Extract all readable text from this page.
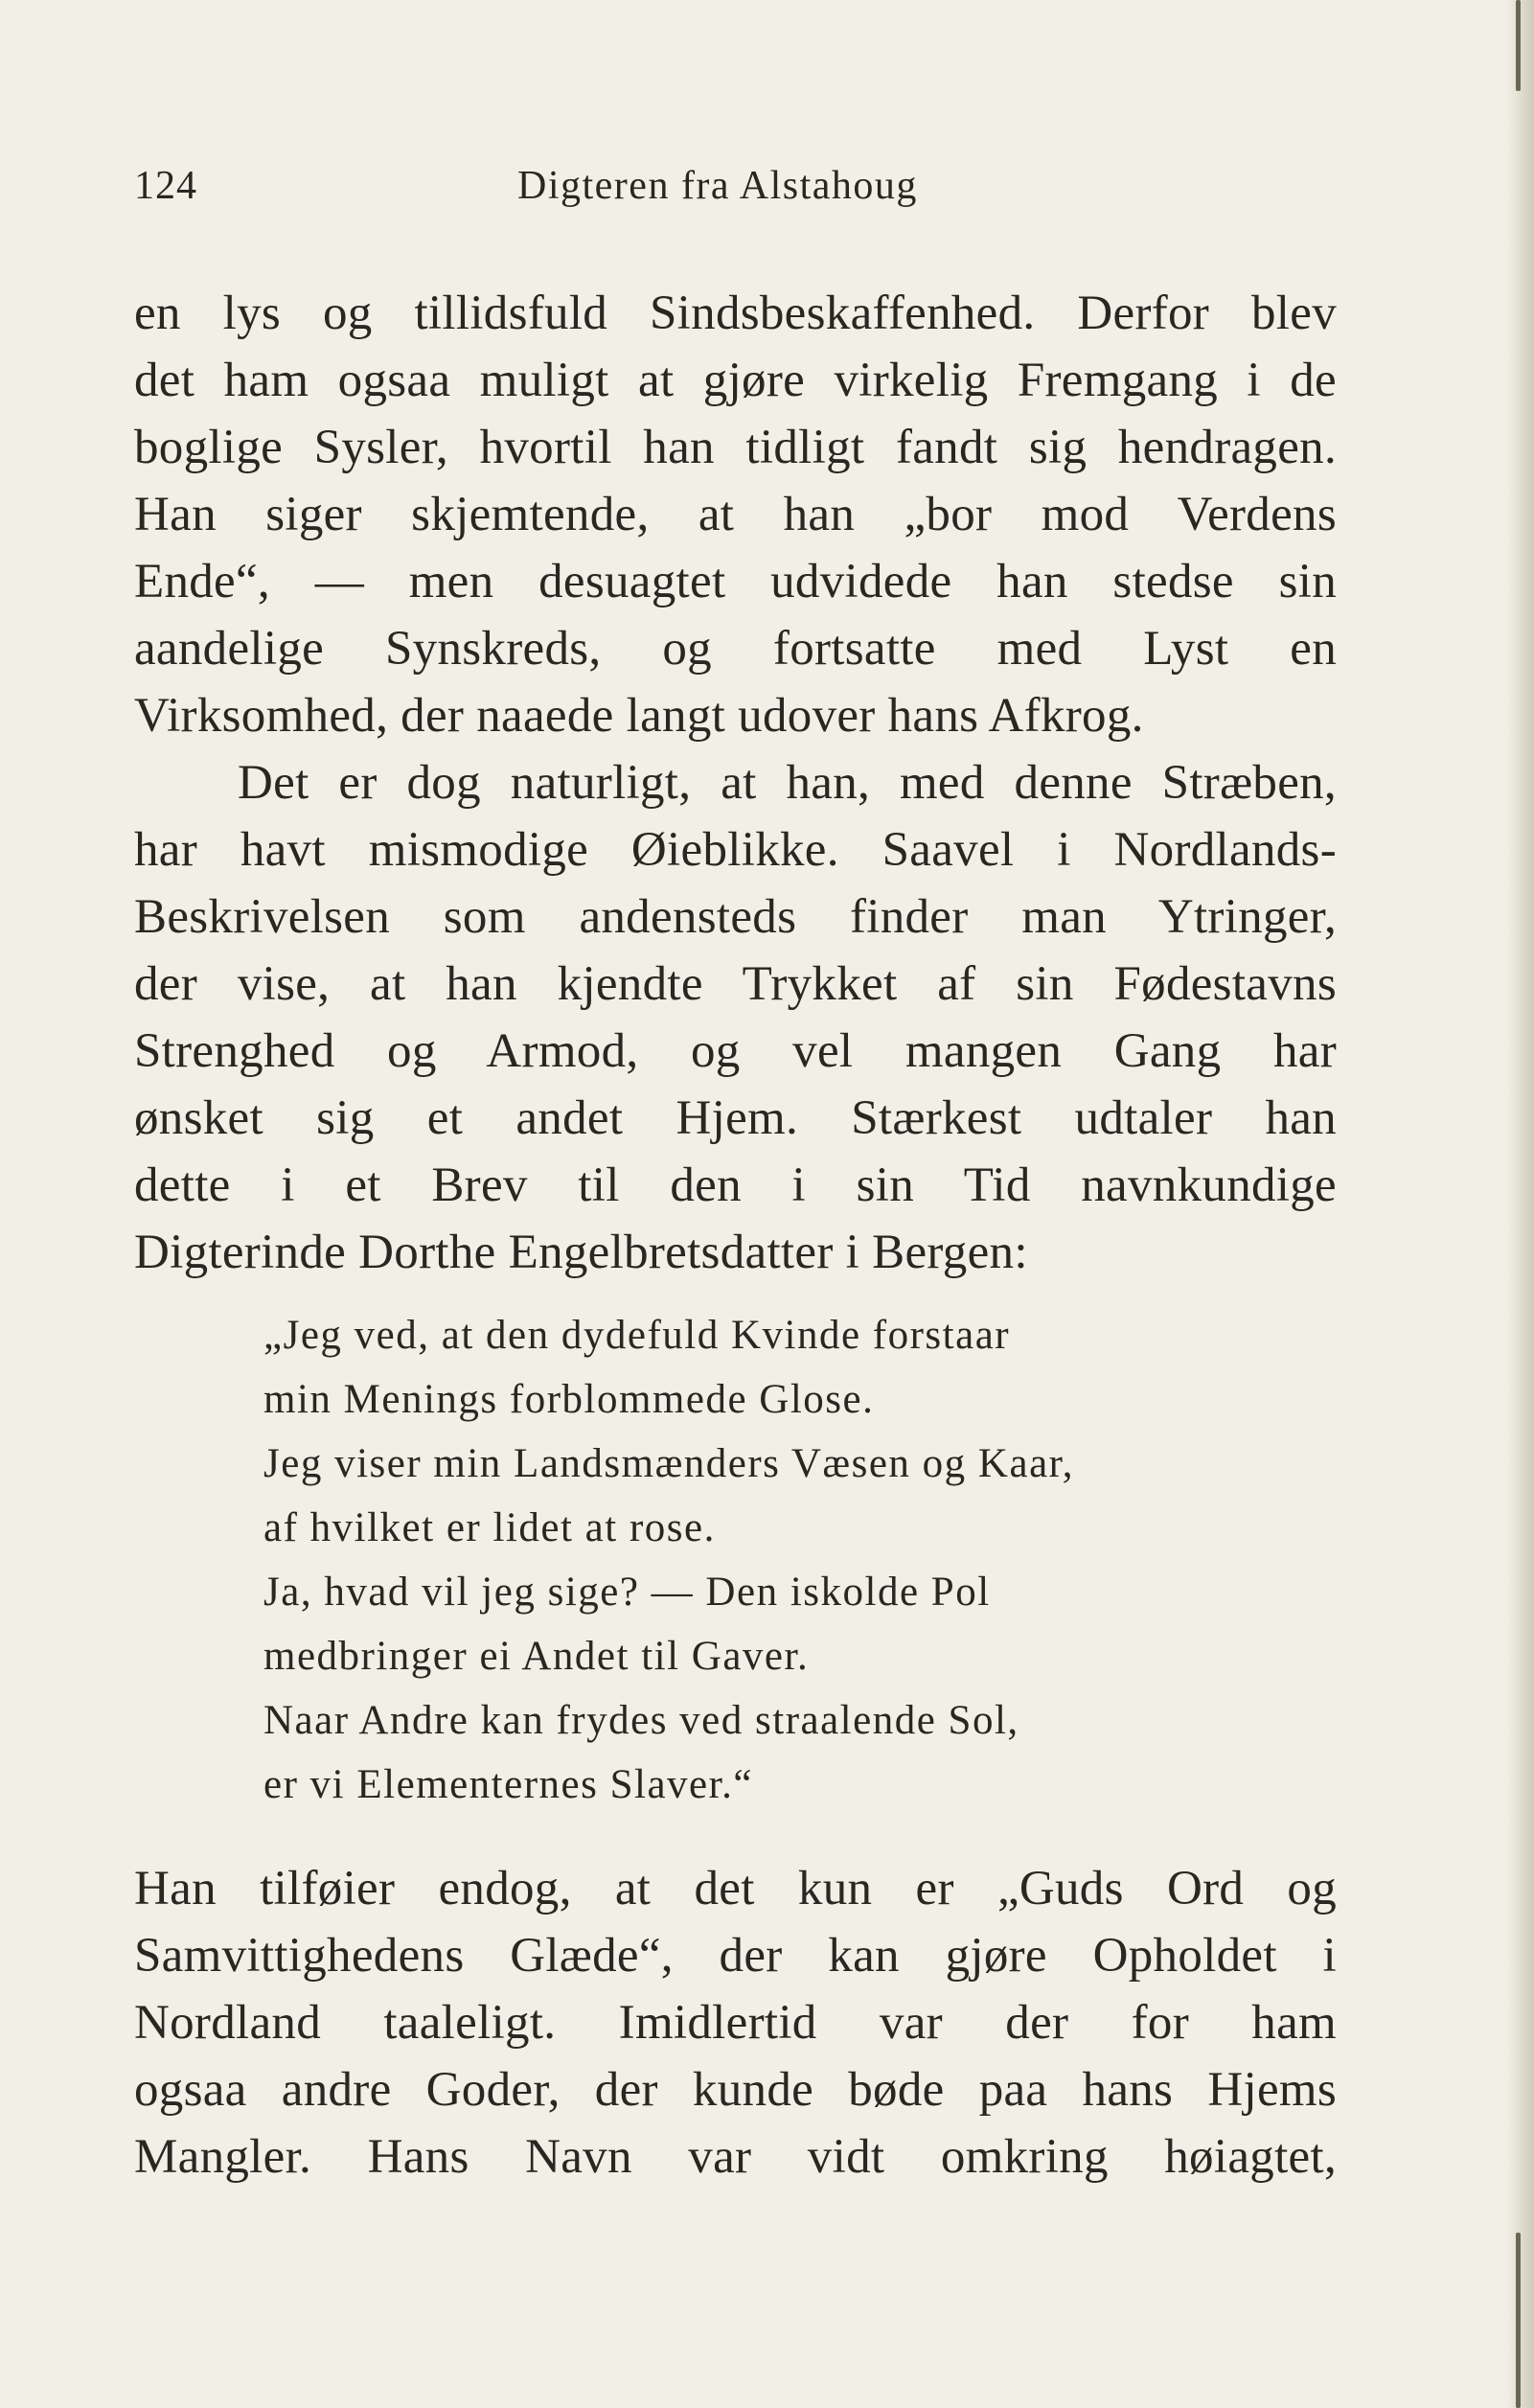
124	Digteren fra Alstahoug
en lys og tillidsfuld Sindsbeskaffenhed. Derfor blev
det ham ogsaa muligt at gjøre virkelig Fremgang i de
boglige Sysler, hvortil han tidligt fandt sig hendragen.
Han siger skjemtende, at han „bor mod Verdens
Ende“, — men desuagtet udvidede han stedse sin
aandelige Synskreds, og fortsatte med Lyst en
Virksomhed, der naaede langt udover hans Afkrog.
Det er dog naturligt, at han, med denne Stræben,
har havt mismodige Øieblikke. Saavel i Nordlands-
Beskrivelsen som andensteds finder man Ytringer,
der vise, at han kjendte Trykket af sin Fødestavns
Strenghed og Armod, og vel mangen Gang har
ønsket sig et andet Hjem. Stærkest udtaler han
dette i et Brev til den i sin Tid navnkundige
Digterinde Dorthe Engelbretsdatter i Bergen:
„Jeg ved, at den dydefuld Kvinde forstaar
min Menings forblommede Glose.
Jeg viser min Landsmænders Væsen og Kaar,
af hvilket er lidet at rose.
Ja, hvad vil jeg sige? — Den iskolde Pol
medbringer ei Andet til Gaver.
Naar Andre kan frydes ved straalende Sol,
er vi Elementernes Slaver.“
Han tilføier endog, at det kun er „Guds Ord og
Samvittighedens Glæde“, der kan gjøre Opholdet i
Nordland taaleligt. Imidlertid var der for ham
ogsaa andre Goder, der kunde bøde paa hans Hjems
Mangler. Hans Navn var vidt omkring høiagtet,
